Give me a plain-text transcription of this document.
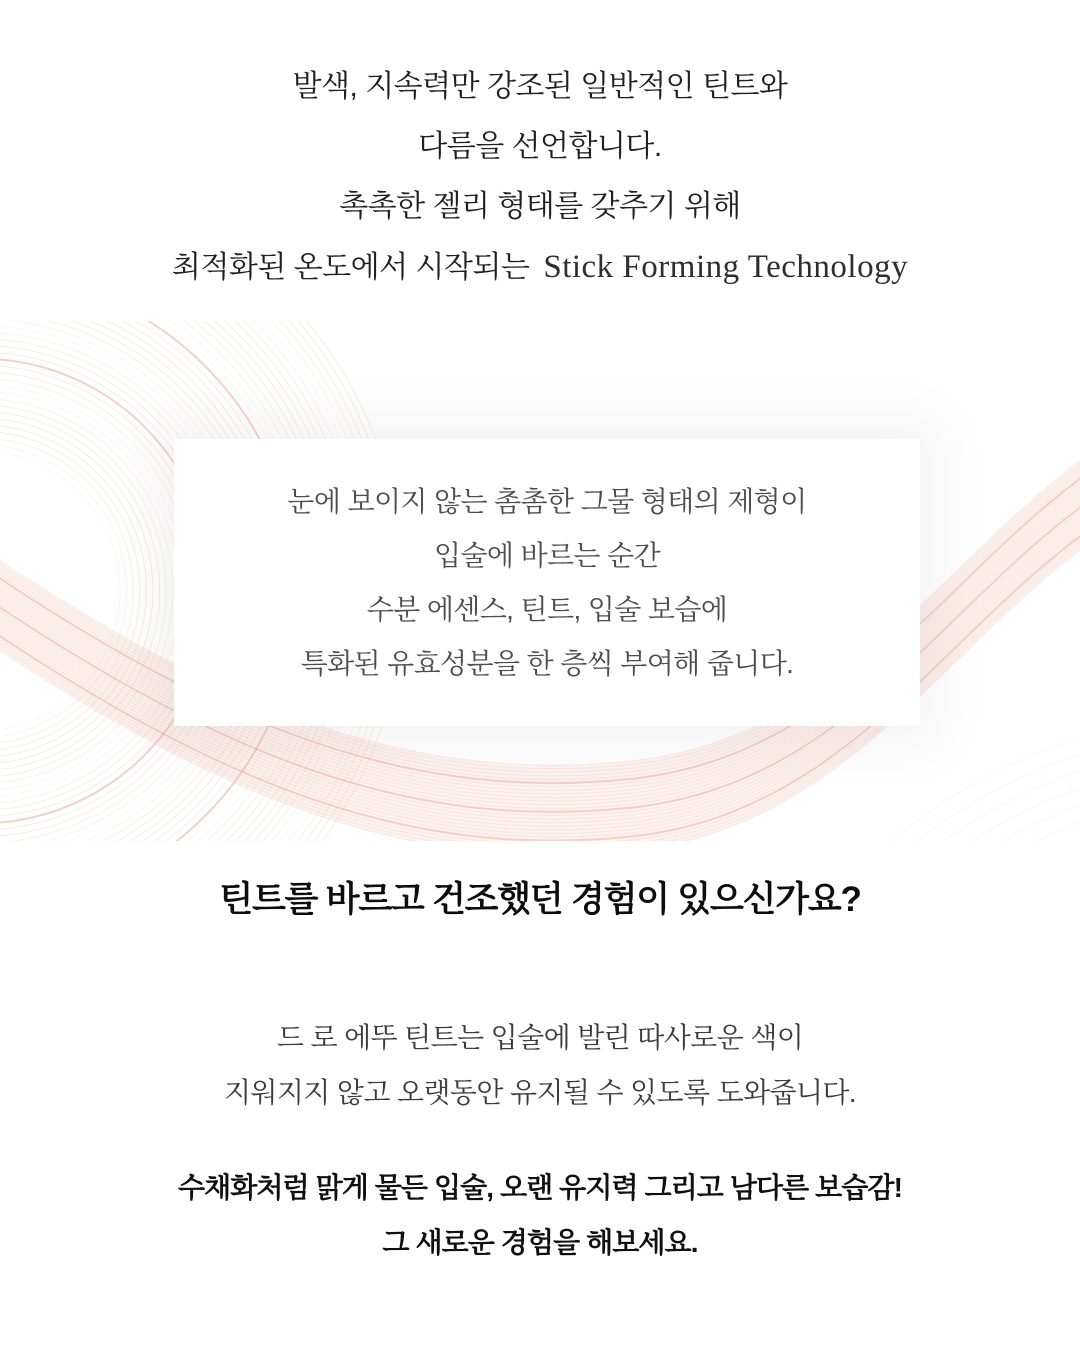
발색, 지속력만 강조된 일반적인 틴트와

다름을 선언합니다.

촉촉한 젤리 형태를 갖추기 위해

최적화된 온도에서 시작되는 Stick Forming Technology

눈에 보이지 않는 촘촘한 그물 형태의 제형이

입술에 바르는 순간

수분 에센스, 틴트, 입술 보습에

특화된 유효성분을 한 층씩 부여해 줍니다.

틴트를 바르고 건조했던 경험이 있으신가요?

드 로 에뚜 틴트는 입술에 발린 따사로운 색이

지워지지 않고 오랫동안 유지될 수 있도록 도와줍니다.

수채화처럼 맑게 물든 입술, 오랜 유지력 그리고 남다른 보습감!

그 새로운 경험을 해보세요.
